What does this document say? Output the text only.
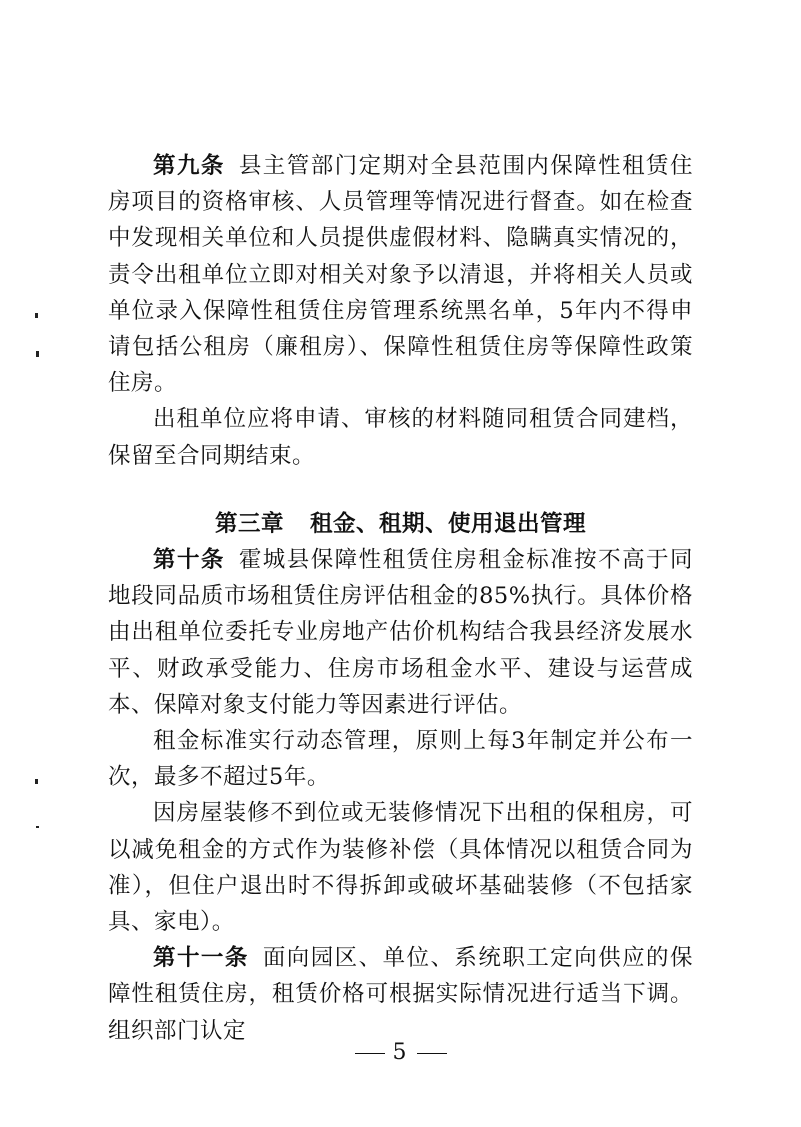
第九条 县主管部门定期对全县范围内保障性租赁住房项目的资格审核、人员管理等情况进行督查。如在检查中发现相关单位和人员提供虚假材料、隐瞒真实情况的，责令出租单位立即对相关对象予以清退，并将相关人员或单位录入保障性租赁住房管理系统黑名单，5年内不得申请包括公租房（廉租房）、保障性租赁住房等保障性政策住房。

出租单位应将申请、审核的材料随同租赁合同建档，保留至合同期结束。

第三章 租金、租期、使用退出管理

第十条 霍城县保障性租赁住房租金标准按不高于同地段同品质市场租赁住房评估租金的85%执行。具体价格由出租单位委托专业房地产估价机构结合我县经济发展水平、财政承受能力、住房市场租金水平、建设与运营成本、保障对象支付能力等因素进行评估。

租金标准实行动态管理，原则上每3年制定并公布一次，最多不超过5年。

因房屋装修不到位或无装修情况下出租的保租房，可以减免租金的方式作为装修补偿（具体情况以租赁合同为准），但住户退出时不得拆卸或破坏基础装修（不包括家具、家电）。

第十一条 面向园区、单位、系统职工定向供应的保障性租赁住房，租赁价格可根据实际情况进行适当下调。组织部门认定

5
